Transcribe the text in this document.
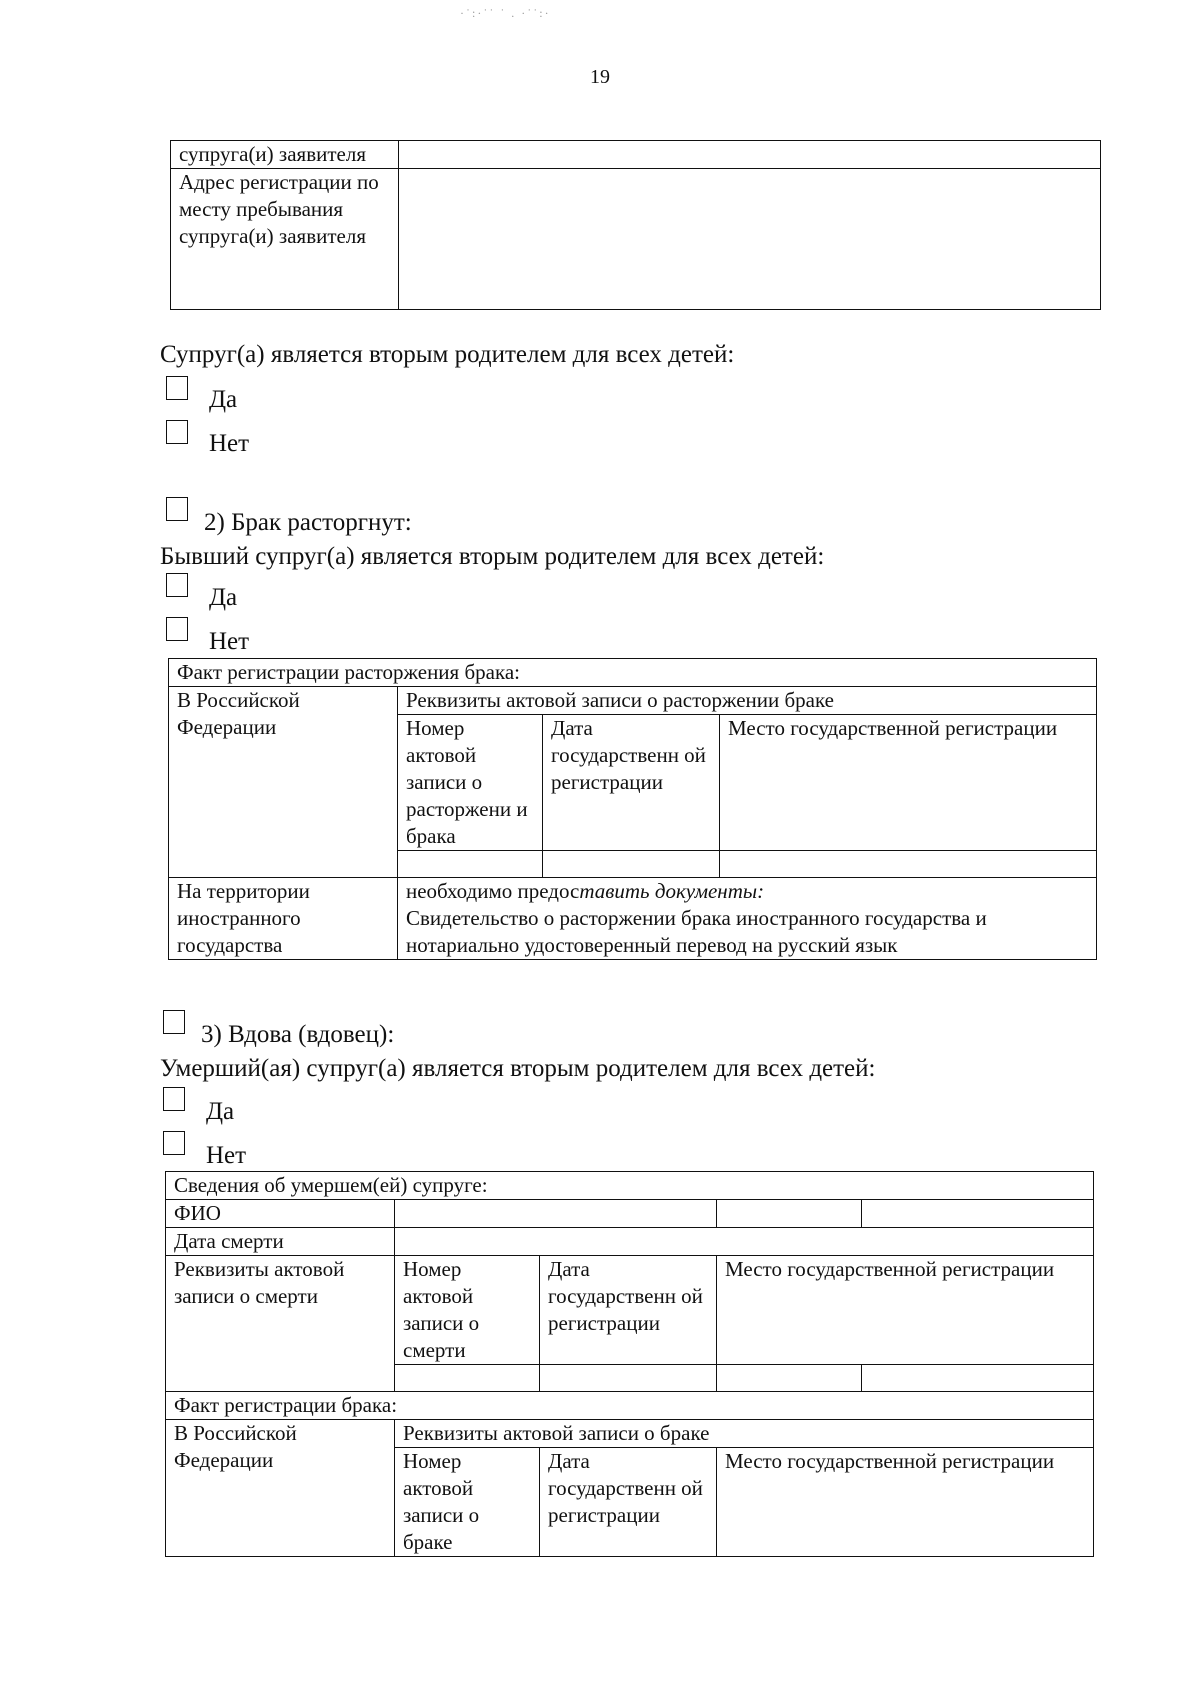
·˙:·˙˙ ˙ . ·˙˙:·
19
супруга(и) заявителя	
Адрес регистрации по месту пребывания супруга(и) заявителя	
Супруг(а) является вторым родителем для всех детей:
Да
Нет
2) Брак расторгнут:
Бывший супруг(а) является вторым родителем для всех детей:
Да
Нет
Факт регистрации расторжения брака:			
В Российской Федерации	Реквизиты актовой записи о расторжении браке		
	Номер актовой записи о расторжени и брака	Дата государственн ой регистрации	Место государственной регистрации

На территории иностранного государства	необходимо предоставить документы:
Свидетельство о расторжении брака иностранного государства и нотариально удостоверенный перевод на русский язык		
3) Вдова (вдовец):
Умерший(ая) супруг(а) является вторым родителем для всех детей:
Да
Нет
Сведения об умершем(ей) супруге:				
ФИО				
Дата смерти				
Реквизиты актовой записи о смерти	Номер актовой записи о смерти	Дата государственн ой регистрации	Место государственной регистрации	

Факт регистрации брака:				
В Российской Федерации	Реквизиты актовой записи о браке			
	Номер актовой записи о браке	Дата государственн ой регистрации	Место государственной регистрации	
